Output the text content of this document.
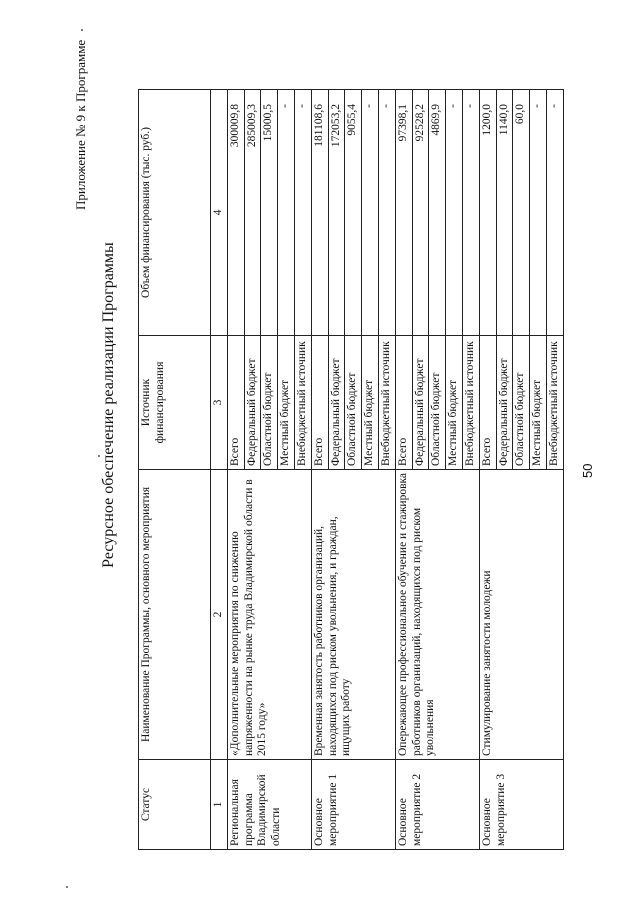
50
Приложение № 9 к Программе
Ресурсное обеспечение реализации Программы
Статус	Наименование Программы, основного мероприятия	Источник финансирования	Объем финансирования (тыс. руб.)
1	2	3	4
Региональная программа Владимирской области	«Дополнительные мероприятия по снижению напряженности на рынке труда Владимирской области в 2015 году»	Всего	300009,8
		Федеральный бюджет	285009,3
		Областной бюджет	15000,5
		Местный бюджет	-
		Внебюджетный источник	-
Основное мероприятие 1	Временная занятость работников организаций, находящихся под риском увольнения, и граждан, ищущих работу	Всего	181108,6
		Федеральный бюджет	172053,2
		Областной бюджет	9055,4
		Местный бюджет	-
		Внебюджетный источник	-
Основное мероприятие 2	Опережающее профессиональное обучение и стажировка работников организаций, находящихся под риском увольнения	Всего	97398,1
		Федеральный бюджет	92528,2
		Областной бюджет	4869,9
		Местный бюджет	-
		Внебюджетный источник	-
Основное мероприятие 3	Стимулирование занятости молодежи	Всего	1200,0
		Федеральный бюджет	1140,0
		Областной бюджет	60,0
		Местный бюджет	-
		Внебюджетный источник	-
